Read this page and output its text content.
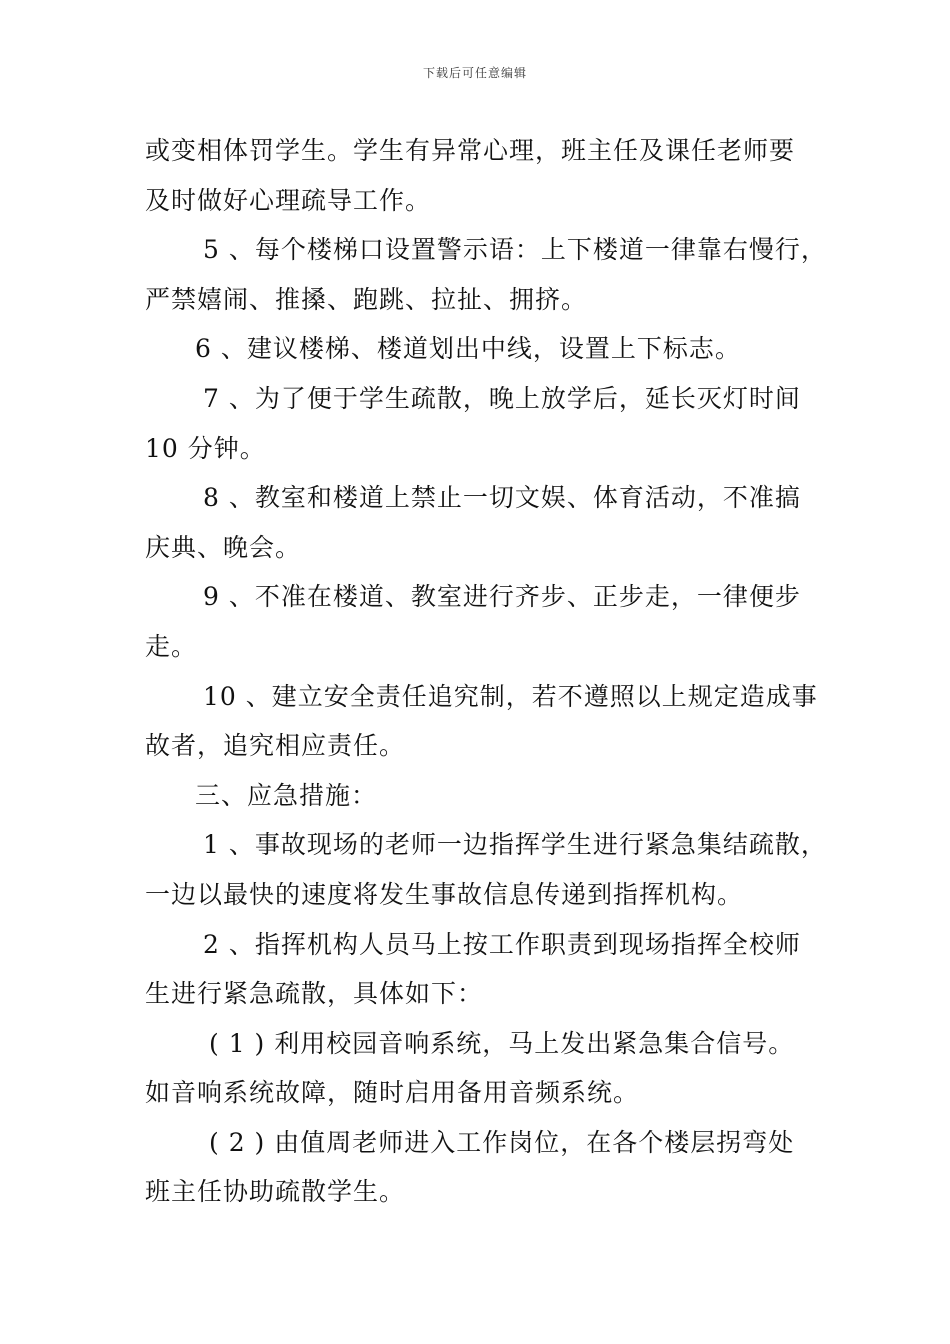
下载后可任意编辑
或变相体罚学生。学生有异常心理，班主任及课任老师要
及时做好心理疏导工作。
5 、每个楼梯口设置警示语：上下楼道一律靠右慢行，
严禁嬉闹、推搡、跑跳、拉扯、拥挤。
6 、建议楼梯、楼道划出中线，设置上下标志。
7 、为了便于学生疏散，晚上放学后，延长灭灯时间
10 分钟。
8 、教室和楼道上禁止一切文娱、体育活动，不准搞
庆典、晚会。
9 、不准在楼道、教室进行齐步、正步走，一律便步
走。
10 、建立安全责任追究制，若不遵照以上规定造成事
故者，追究相应责任。
三、应急措施：
1 、事故现场的老师一边指挥学生进行紧急集结疏散，
一边以最快的速度将发生事故信息传递到指挥机构。
2 、指挥机构人员马上按工作职责到现场指挥全校师
生进行紧急疏散，具体如下：
( 1 ) 利用校园音响系统，马上发出紧急集合信号。
如音响系统故障，随时启用备用音频系统。
( 2 ) 由值周老师进入工作岗位，在各个楼层拐弯处
班主任协助疏散学生。
